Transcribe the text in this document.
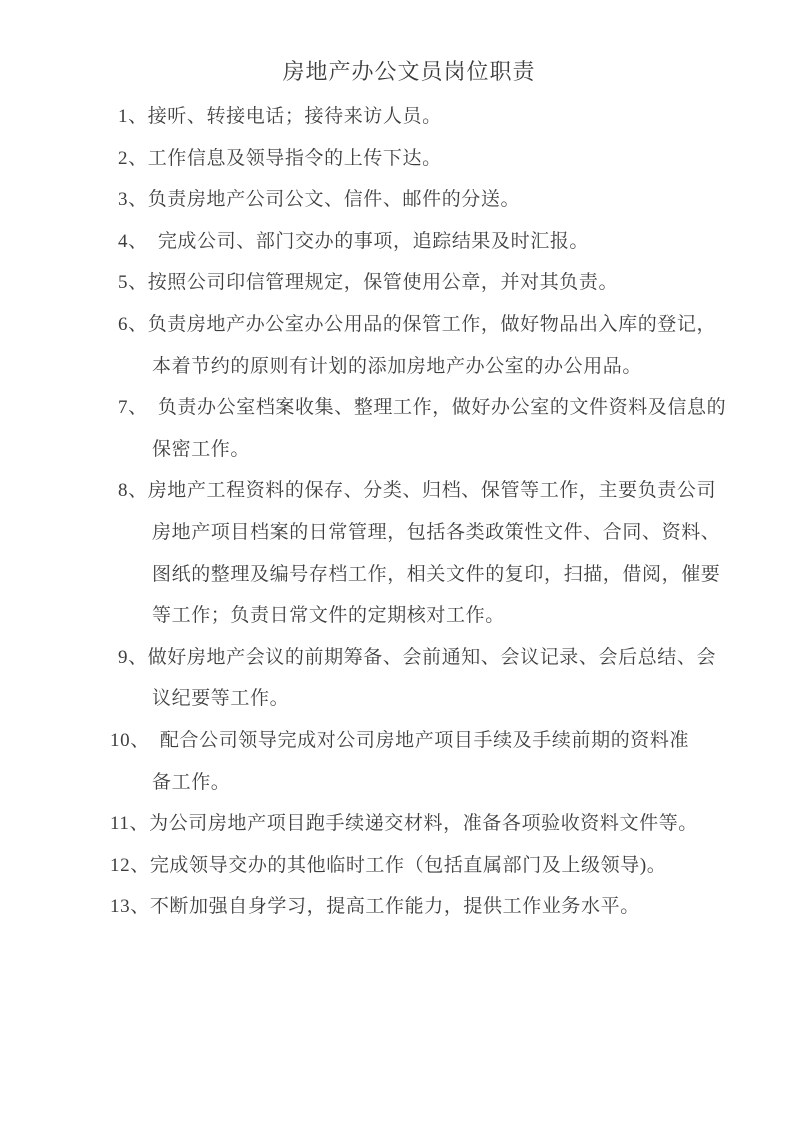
房地产办公文员岗位职责

1、接听、转接电话；接待来访人员。

2、工作信息及领导指令的上传下达。

3、负责房地产公司公文、信件、邮件的分送。

4、 完成公司、部门交办的事项，追踪结果及时汇报。

5、按照公司印信管理规定，保管使用公章，并对其负责。

6、负责房地产办公室办公用品的保管工作，做好物品出入库的登记，
本着节约的原则有计划的添加房地产办公室的办公用品。

7、 负责办公室档案收集、整理工作，做好办公室的文件资料及信息的
保密工作。

8、房地产工程资料的保存、分类、归档、保管等工作，主要负责公司
房地产项目档案的日常管理，包括各类政策性文件、合同、资料、
图纸的整理及编号存档工作，相关文件的复印，扫描，借阅，催要
等工作；负责日常文件的定期核对工作。

9、做好房地产会议的前期筹备、会前通知、会议记录、会后总结、会
议纪要等工作。

10、　配合公司领导完成对公司房地产项目手续及手续前期的资料准
备工作。

11、为公司房地产项目跑手续递交材料，准备各项验收资料文件等。

12、完成领导交办的其他临时工作（包括直属部门及上级领导)。

13、不断加强自身学习，提高工作能力，提供工作业务水平。
